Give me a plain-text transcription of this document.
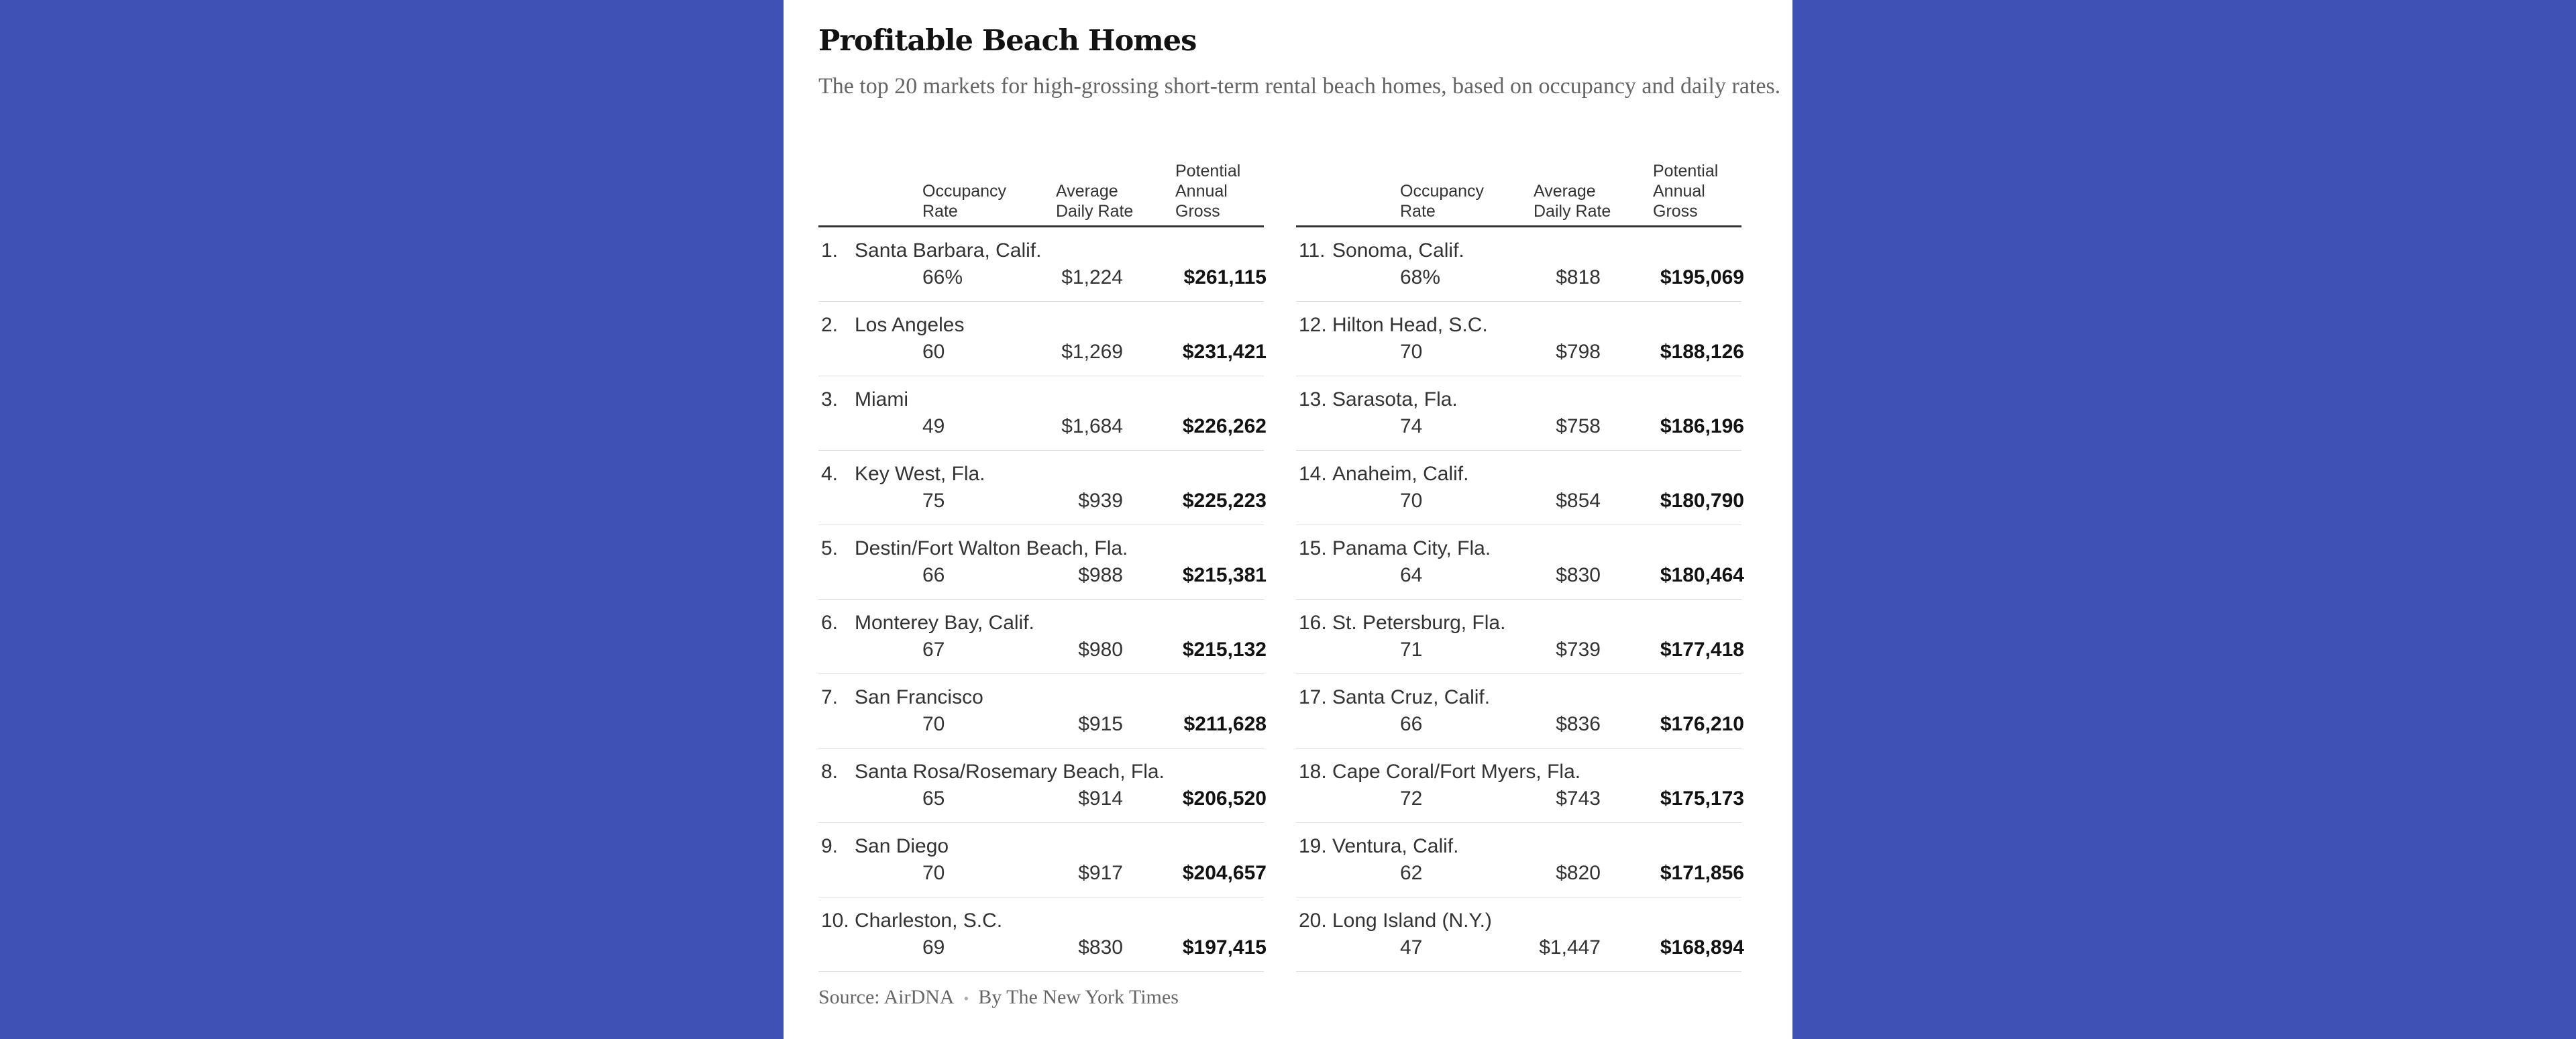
Profitable Beach Homes

The top 20 markets for high-grossing short-term rental beach homes, based on occupancy and daily rates.

Occupancy
Rate
Average
Daily Rate
Potential
Annual
Gross
1. Santa Barbara, Calif.
66%	$1,224	$261,115
2. Los Angeles
60	$1,269	$231,421
3. Miami
49	$1,684	$226,262
4. Key West, Fla.
75	$939	$225,223
5. Destin/Fort Walton Beach, Fla.
66	$988	$215,381
6. Monterey Bay, Calif.
67	$980	$215,132
7. San Francisco
70	$915	$211,628
8. Santa Rosa/Rosemary Beach, Fla.
65	$914	$206,520
9. San Diego
70	$917	$204,657
10. Charleston, S.C.
69	$830	$197,415
Occupancy
Rate
Average
Daily Rate
Potential
Annual
Gross
11. Sonoma, Calif.
68%	$818	$195,069
12. Hilton Head, S.C.
70	$798	$188,126
13. Sarasota, Fla.
74	$758	$186,196
14. Anaheim, Calif.
70	$854	$180,790
15. Panama City, Fla.
64	$830	$180,464
16. St. Petersburg, Fla.
71	$739	$177,418
17. Santa Cruz, Calif.
66	$836	$176,210
18. Cape Coral/Fort Myers, Fla.
72	$743	$175,173
19. Ventura, Calif.
62	$820	$171,856
20. Long Island (N.Y.)
47	$1,447	$168,894
Source: AirDNA • By The New York Times
